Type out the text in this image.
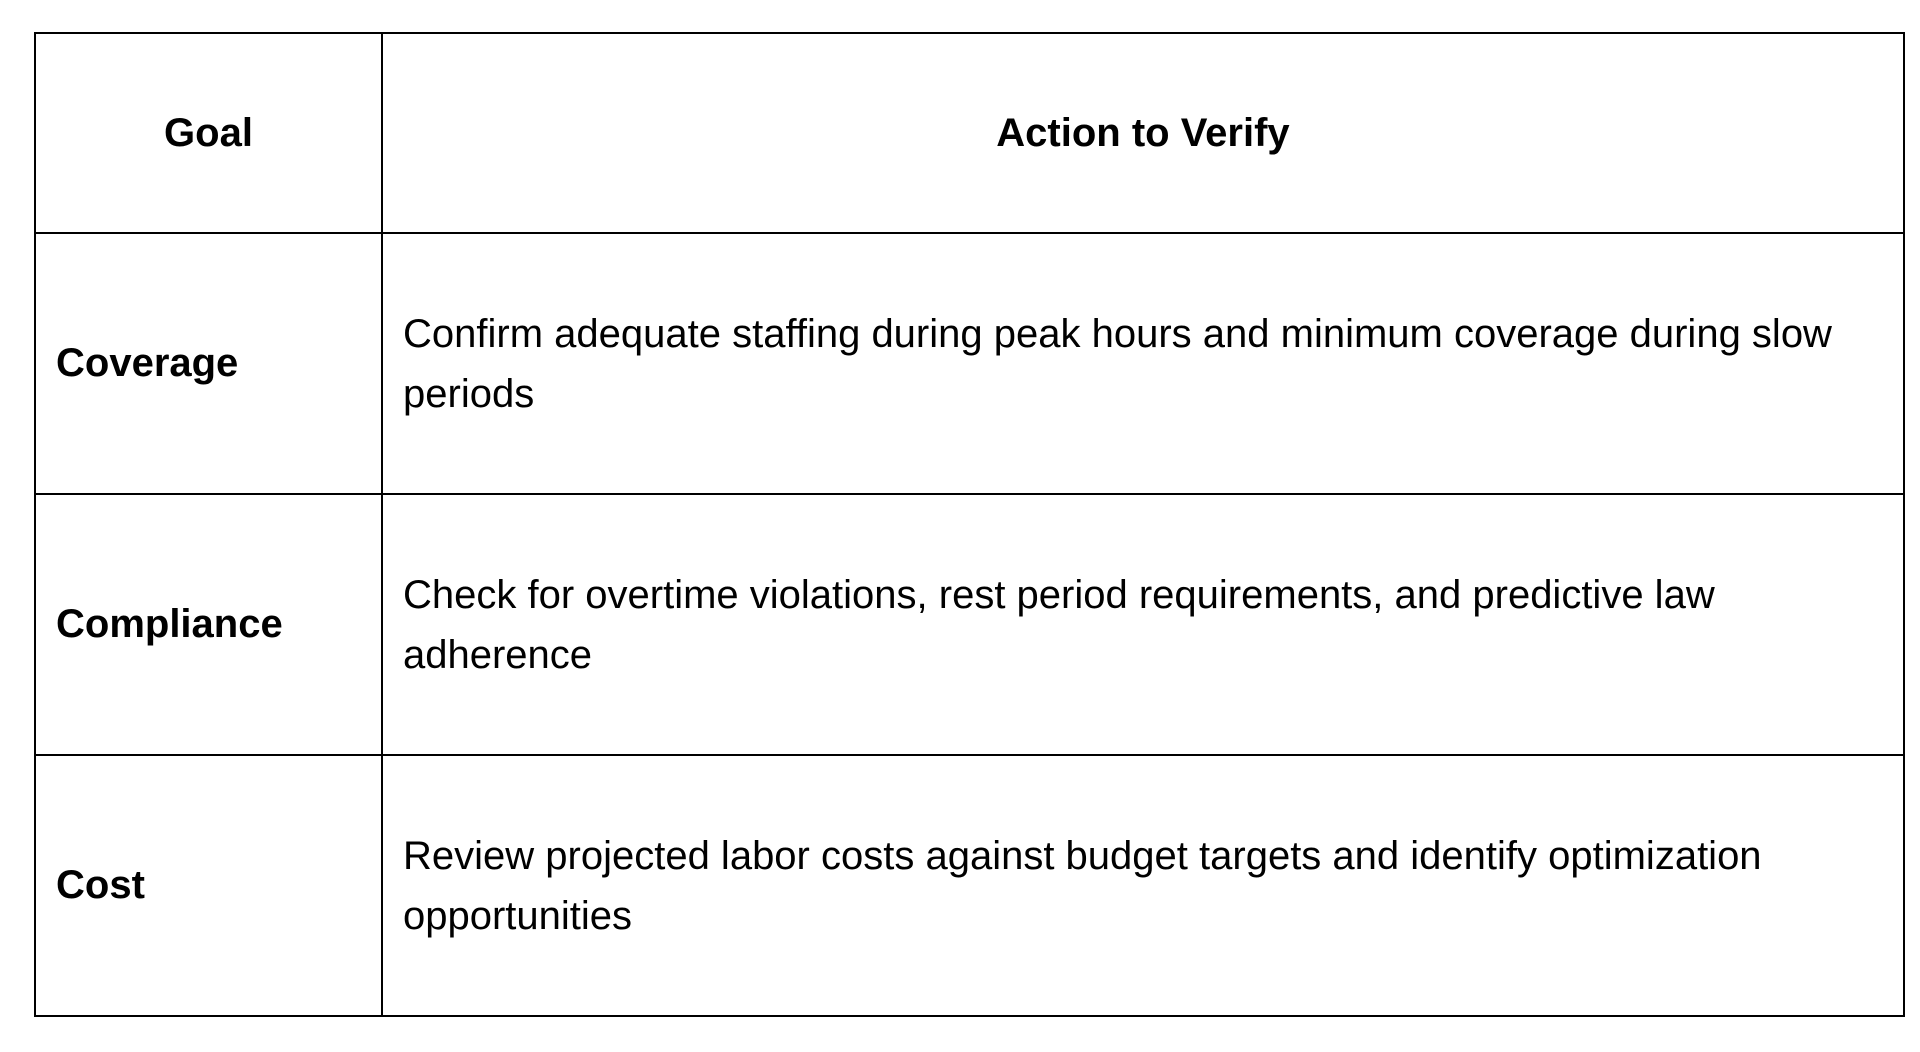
Goal	Action to Verify
Coverage	Confirm adequate staffing during peak hours and minimum coverage during slow periods
Compliance	Check for overtime violations, rest period requirements, and predictive law adherence
Cost	Review projected labor costs against budget targets and identify optimization opportunities
